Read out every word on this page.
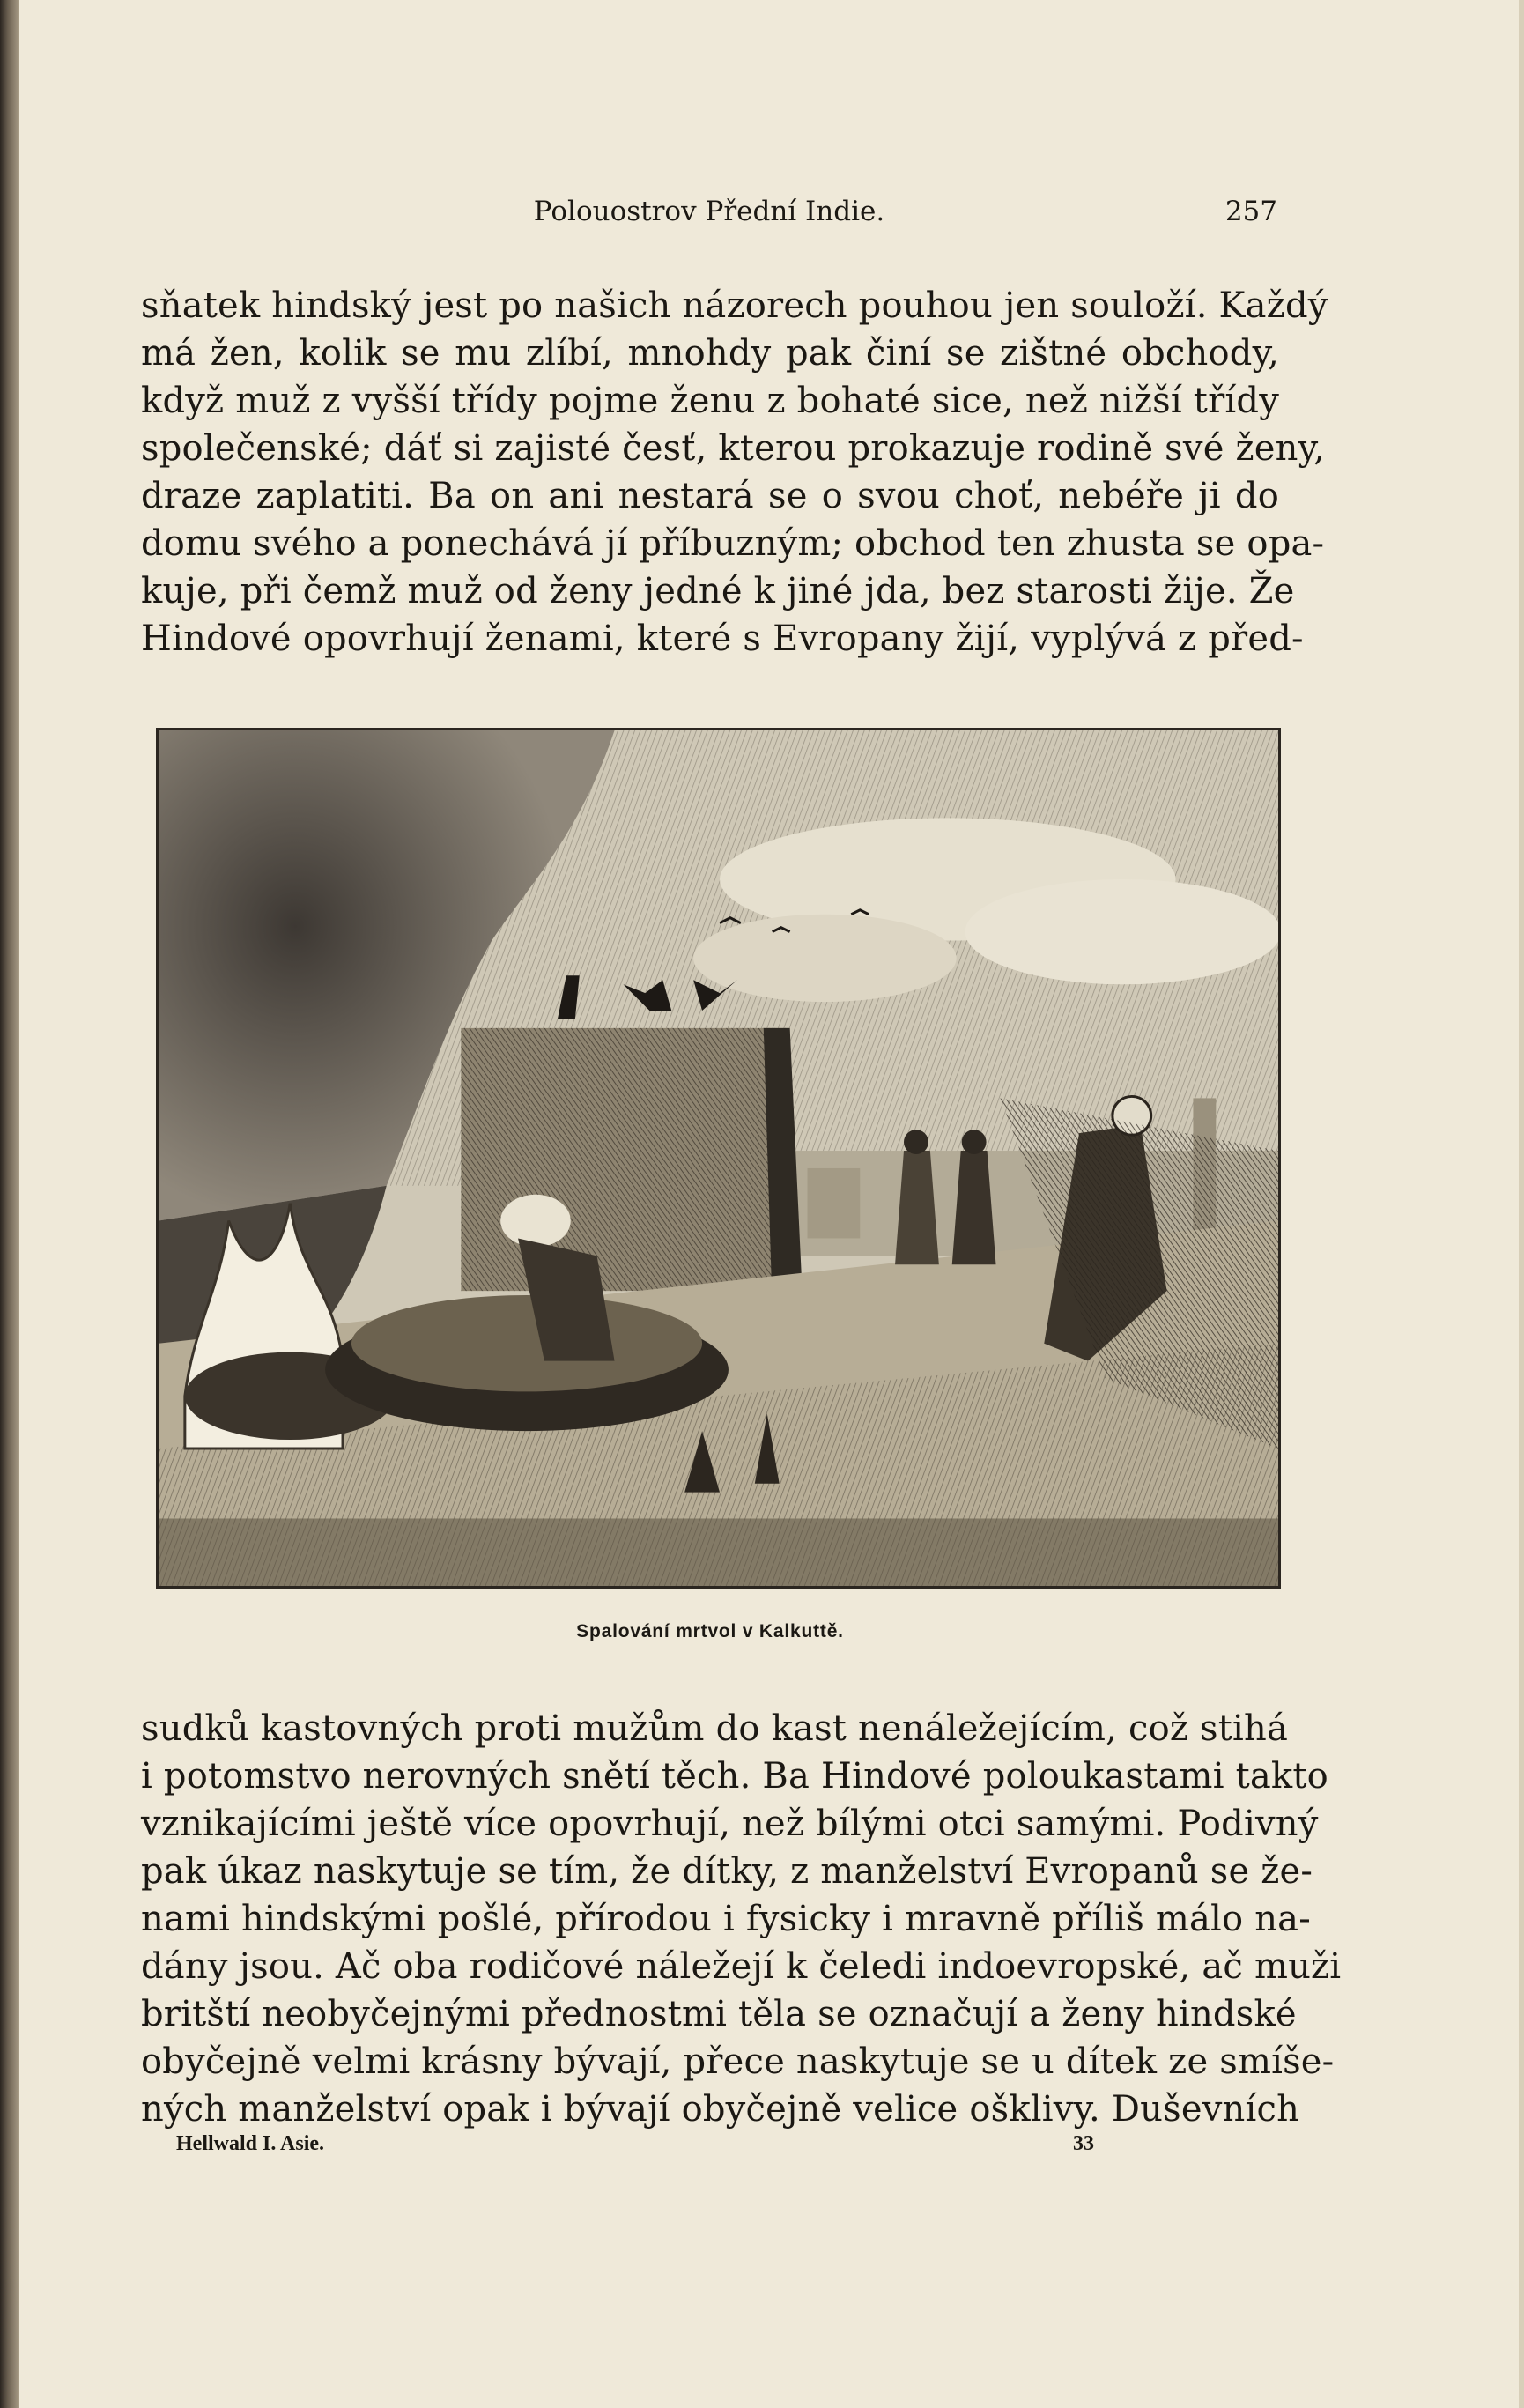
Polouostrov Přední Indie.	257
sňatek hindský jest po našich názorech pouhou jen souloží. Každý
má žen, kolik se mu zlíbí, mnohdy pak činí se zištné obchody,
když muž z vyšší třídy pojme ženu z bohaté sice, než nižší třídy
společenské; dáť si zajisté česť, kterou prokazuje rodině své ženy,
draze zaplatiti. Ba on ani nestará se o svou choť, nebéře ji do
domu svého a ponechává jí příbuzným; obchod ten zhusta se opa-
kuje, při čemž muž od ženy jedné k jiné jda, bez starosti žije. Že
Hindové opovrhují ženami, které s Evropany žijí, vyplývá z před-
Spalování mrtvol v Kalkuttě.
sudků kastovných proti mužům do kast nenáležejícím, což stihá
i potomstvo nerovných snětí těch. Ba Hindové poloukastami takto
vznikajícími ještě více opovrhují, než bílými otci samými. Podivný
pak úkaz naskytuje se tím, že dítky, z manželství Evropanů se že-
nami hindskými pošlé, přírodou i fysicky i mravně příliš málo na-
dány jsou. Ač oba rodičové náležejí k čeledi indoevropské, ač muži
britští neobyčejnými přednostmi těla se označují a ženy hindské
obyčejně velmi krásny bývají, přece naskytuje se u dítek ze smíše-
ných manželství opak i bývají obyčejně velice ošklivy. Duševních
Hellwald I. Asie.	33
